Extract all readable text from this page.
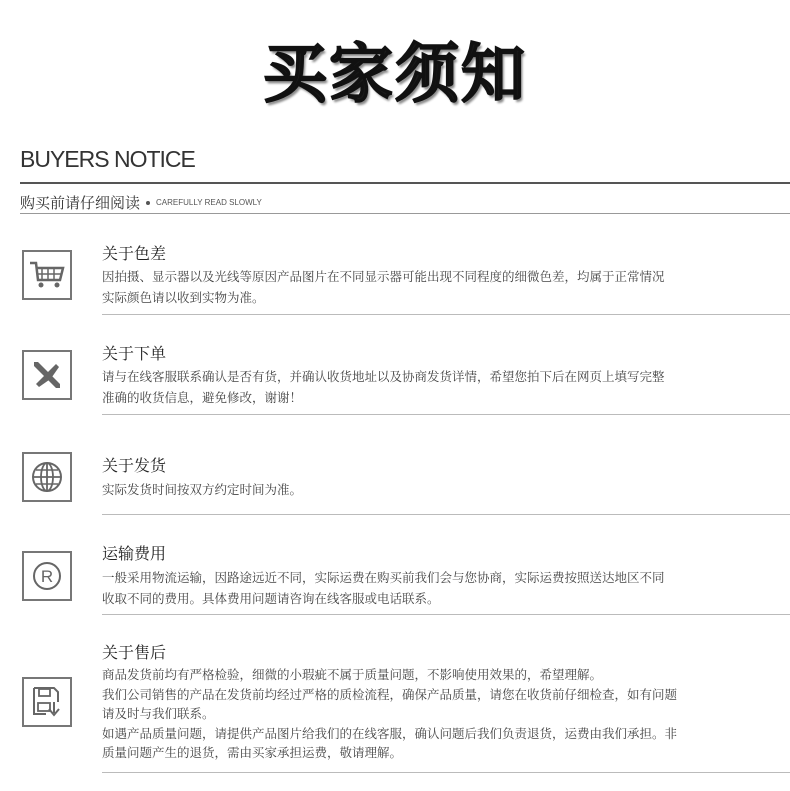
买家须知
BUYERS NOTICE
购买前请仔细阅读 CAREFULLY READ SLOWLY
关于色差
因拍摄、显示器以及光线等原因产品图片在不同显示器可能出现不同程度的细微色差，均属于正常情况
实际颜色请以收到实物为准。
关于下单
请与在线客服联系确认是否有货，并确认收货地址以及协商发货详情，希望您拍下后在网页上填写完整
准确的收货信息，避免修改，谢谢！
关于发货
实际发货时间按双方约定时间为准。
R
运输费用
一般采用物流运输，因路途远近不同，实际运费在购买前我们会与您协商，实际运费按照送达地区不同
收取不同的费用。具体费用问题请咨询在线客服或电话联系。
关于售后
商品发货前均有严格检验，细微的小瑕疵不属于质量问题，不影响使用效果的，希望理解。
我们公司销售的产品在发货前均经过严格的质检流程，确保产品质量，请您在收货前仔细检查，如有问题
请及时与我们联系。
如遇产品质量问题，请提供产品图片给我们的在线客服，确认问题后我们负责退货，运费由我们承担。非
质量问题产生的退货，需由买家承担运费，敬请理解。
